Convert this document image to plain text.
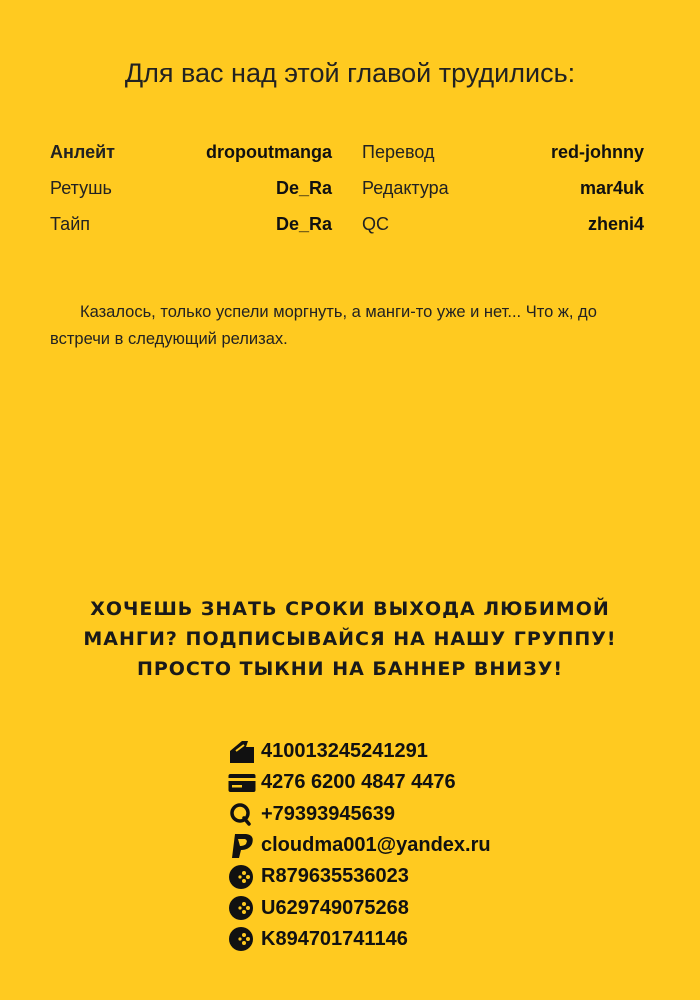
Для вас над этой главой трудились:
Анлейт	dropoutmanga Перевод	red-johnny
Ретушь	De_Ra Редактура	mar4uk
Тайп	De_Ra QC	zheni4
Казалось, только успели моргнуть, а манги-то уже и нет... Что ж, до встречи в следующий релизах.
ХОЧЕШЬ ЗНАТЬ СРОКИ ВЫХОДА ЛЮБИМОЙ
МАНГИ? ПОДПИСЫВАЙСЯ НА НАШУ ГРУППУ!
ПРОСТО ТЫКНИ НА БАННЕР ВНИЗУ!
410013245241291
4276 6200 4847 4476
+79393945639
cloudma001@yandex.ru
R879635536023
U629749075268
K894701741146
